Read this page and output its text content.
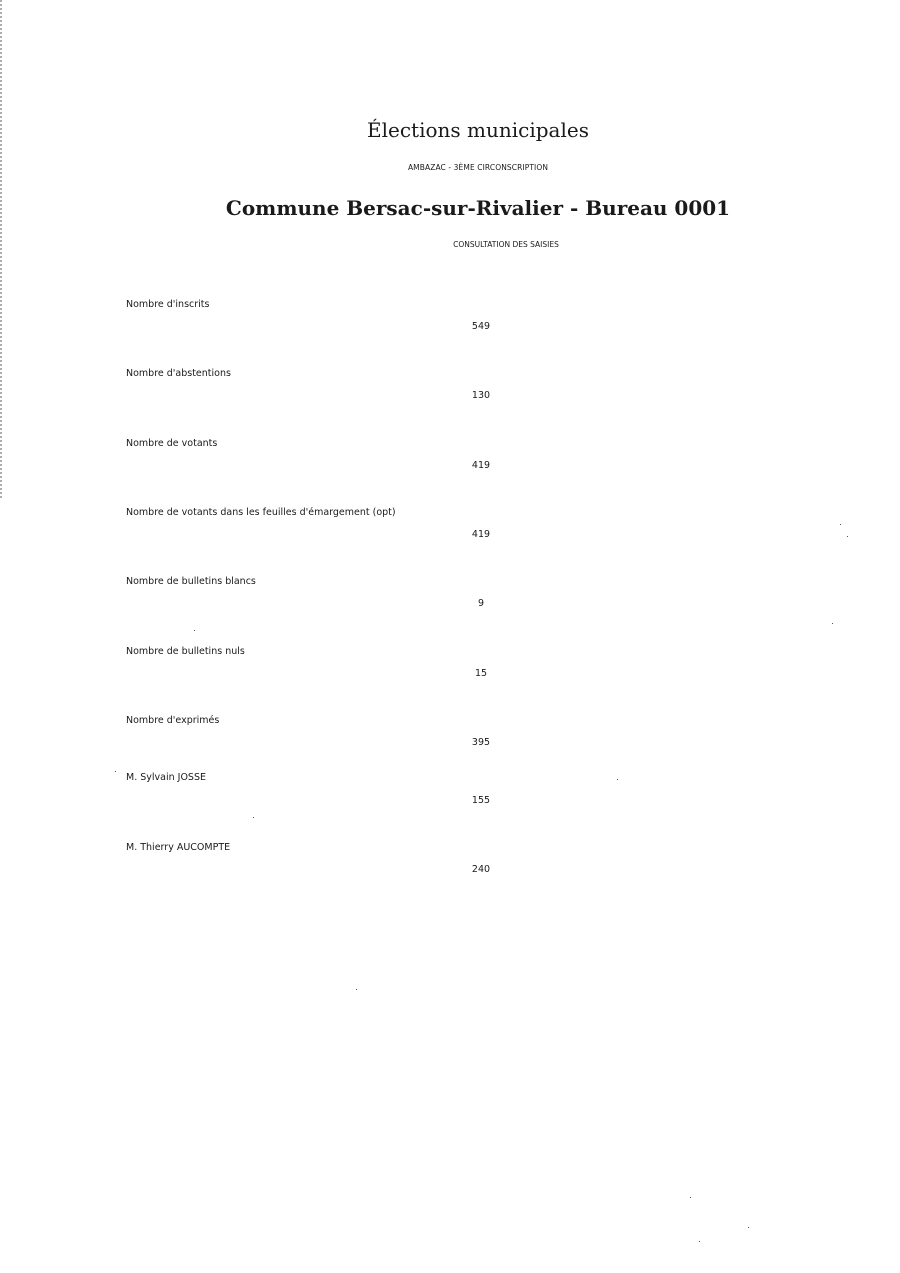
Élections municipales
AMBAZAC - 3ÈME CIRCONSCRIPTION
Commune Bersac-sur-Rivalier - Bureau 0001
CONSULTATION DES SAISIES
Nombre d'inscrits
549
Nombre d'abstentions
130
Nombre de votants
419
Nombre de votants dans les feuilles d'émargement (opt)
419
Nombre de bulletins blancs
9
Nombre de bulletins nuls
15
Nombre d'exprimés
395
M. Sylvain JOSSE
155
M. Thierry AUCOMPTE
240
